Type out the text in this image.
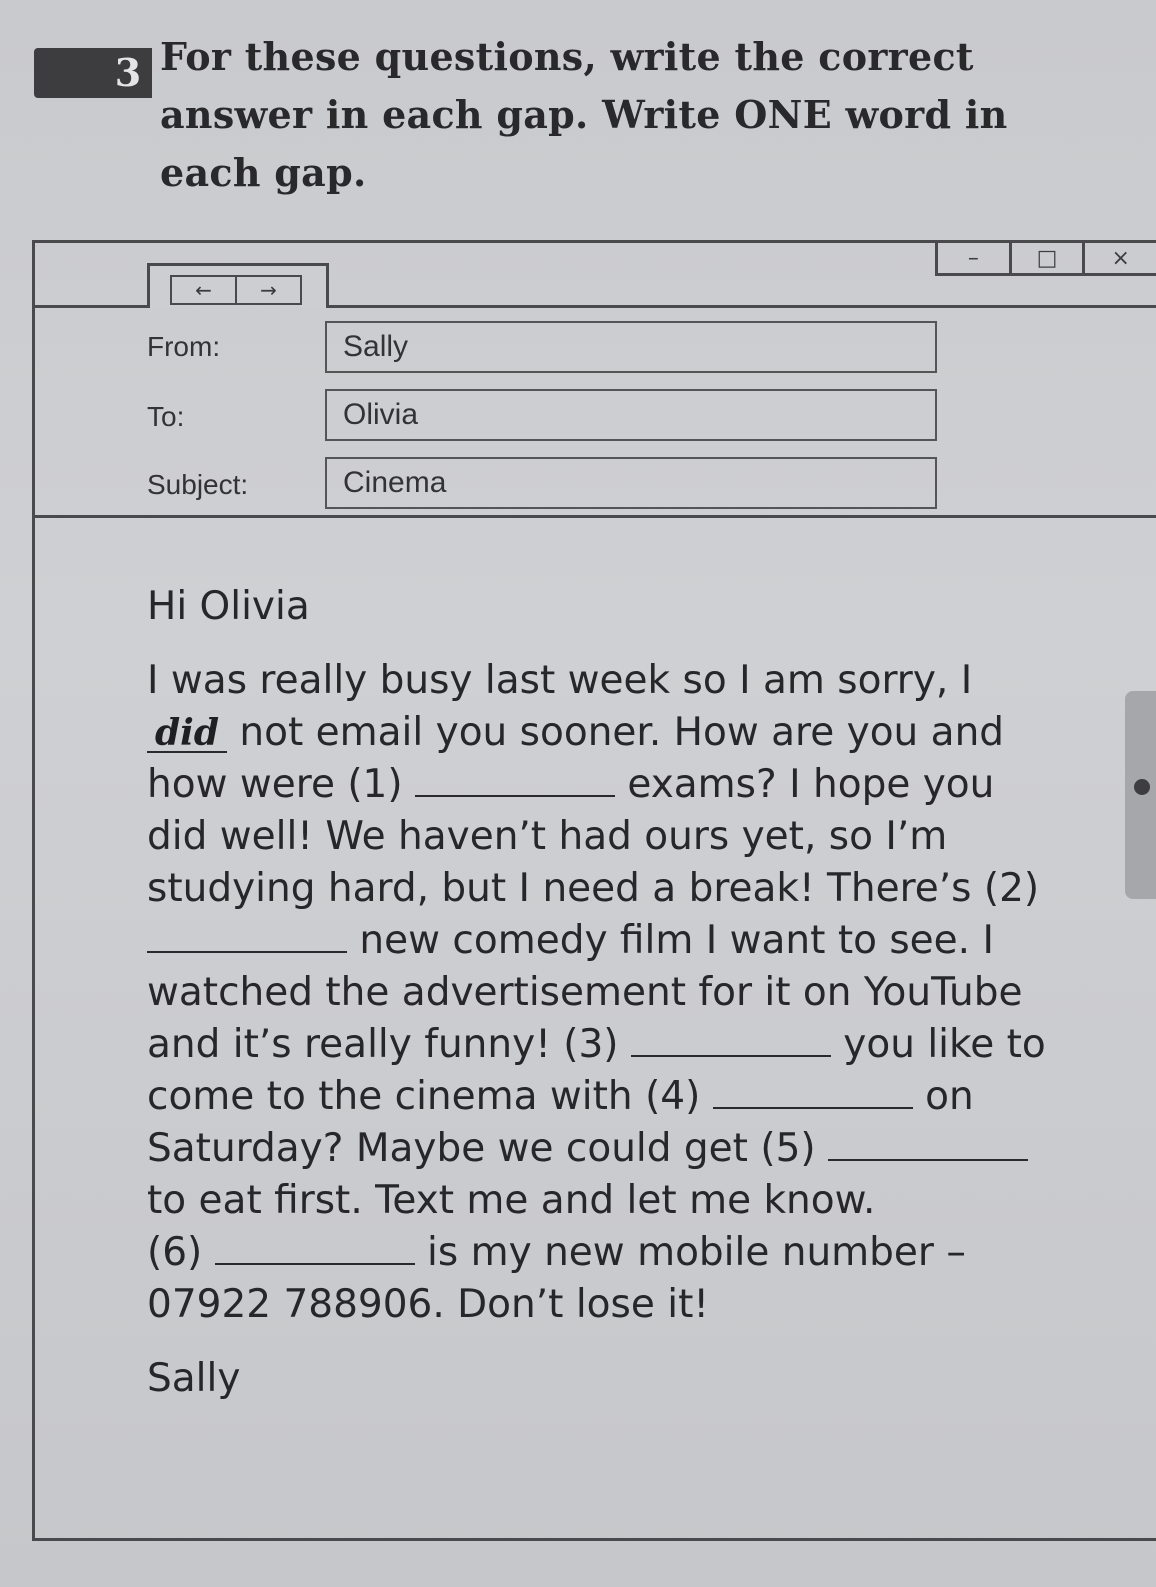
3 For these questions, write the correct answer in each gap. Write ONE word in each gap.
–	□	×
←	→
From:	Sally
To:	Olivia
Subject:	Cinema

Hi Olivia

I was really busy last week so I am sorry, I did not email you sooner. How are you and how were (1)	exams? I hope you did well! We haven’t had ours yet, so I’m studying hard, but I need a break! There’s (2)  new comedy film I want to see. I watched the advertisement for it on YouTube and it’s really funny! (3)	you like to come to the cinema with (4)	on Saturday? Maybe we could get (5)  to eat first. Text me and let me know.
(6)	is my new mobile number – 07922 788906. Don’t lose it!

Sally
